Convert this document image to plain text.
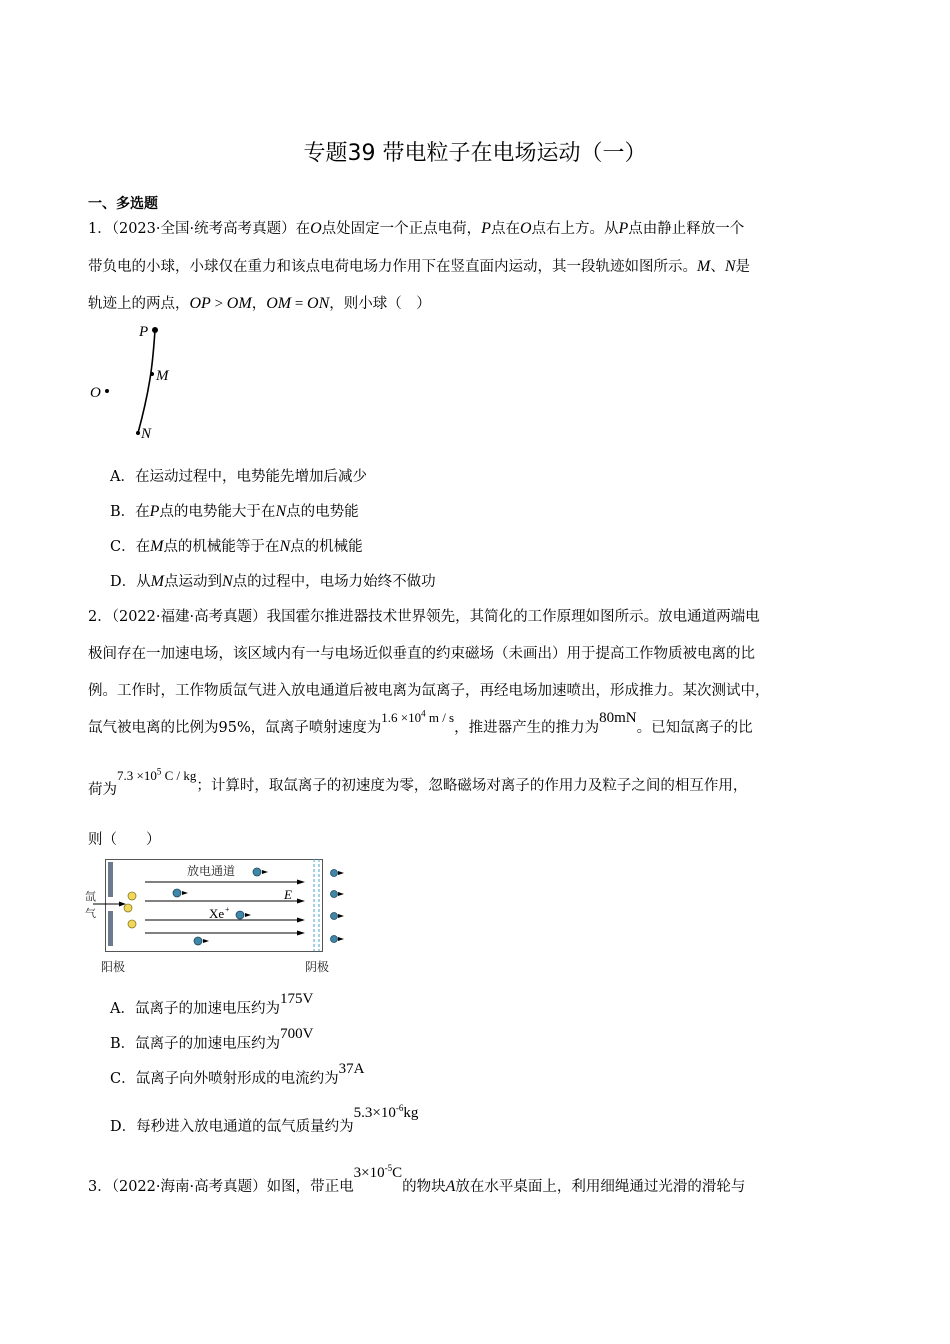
专题39 带电粒子在电场运动（一）
一、多选题
1．（2023·全国·统考高考真题）在O点处固定一个正点电荷，P点在O点右上方。从P点由静止释放一个
带负电的小球，小球仅在重力和该点电荷电场力作用下在竖直面内运动，其一段轨迹如图所示。M、N是
轨迹上的两点，OP > OM，OM = ON，则小球（　）
P
M
N
O
A．在运动过程中，电势能先增加后减少
B．在P点的电势能大于在N点的电势能
C．在M点的机械能等于在N点的机械能
D．从M点运动到N点的过程中，电场力始终不做功
2．（2022·福建·高考真题）我国霍尔推进器技术世界领先，其简化的工作原理如图所示。放电通道两端电
极间存在一加速电场，该区域内有一与电场近似垂直的约束磁场（未画出）用于提高工作物质被电离的比
例。工作时，工作物质氙气进入放电通道后被电离为氙离子，再经电场加速喷出，形成推力。某次测试中，
氙气被电离的比例为95%，氙离子喷射速度为$1.6 \times 10^4$ m / s，推进器产生的推力为80mN。已知氙离子的比
荷为$7.3 \times 10^5$ C / kg；计算时，取氙离子的初速度为零，忽略磁场对离子的作用力及粒子之间的相互作用，
则（　　）
放电通道
E
Xe +
氙
气
阳极	阴极
A．氙离子的加速电压约为175V
B．氙离子的加速电压约为700V
C．氙离子向外喷射形成的电流约为37A
D．每秒进入放电通道的氙气质量约为$5.3\times 10^{-6}kg$
3．（2022·海南·高考真题）如图，带正电$3\times 10^{-5}C$的物块A放在水平桌面上，利用细绳通过光滑的滑轮与
